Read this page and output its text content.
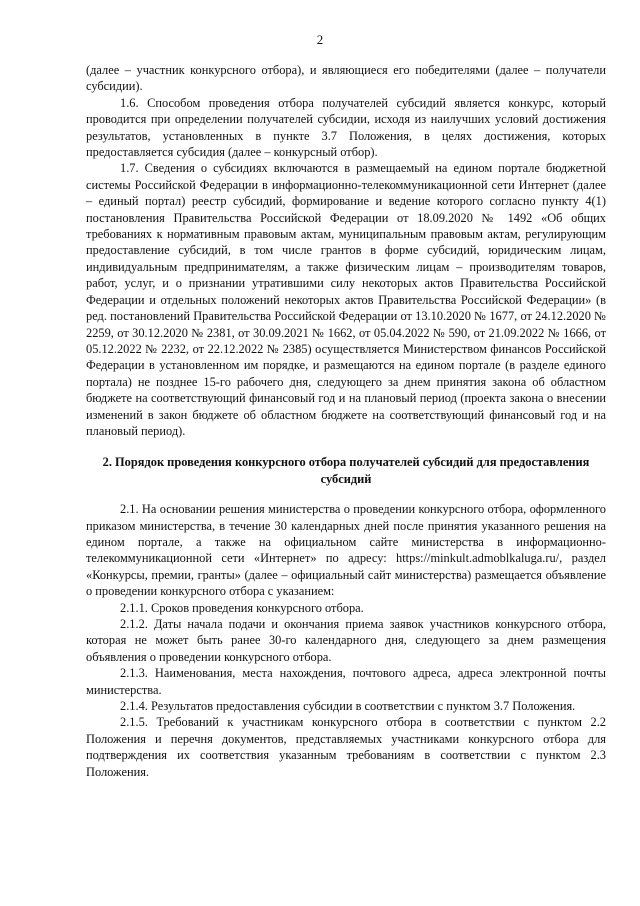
2

(далее – участник конкурсного отбора), и являющиеся его победителями (далее – получатели субсидии).

1.6. Способом проведения отбора получателей субсидий является конкурс, который проводится при определении получателей субсидии, исходя из наилучших условий достижения результатов, установленных в пункте 3.7 Положения, в целях достижения, которых предоставляется субсидия (далее – конкурсный отбор).

1.7. Сведения о субсидиях включаются в размещаемый на едином портале бюджетной системы Российской Федерации в информационно-телекоммуникационной сети Интернет (далее – единый портал) реестр субсидий, формирование и ведение которого согласно пункту 4(1) постановления Правительства Российской Федерации от 18.09.2020 № 1492 «Об общих требованиях к нормативным правовым актам, муниципальным правовым актам, регулирующим предоставление субсидий, в том числе грантов в форме субсидий, юридическим лицам, индивидуальным предпринимателям, а также физическим лицам – производителям товаров, работ, услуг, и о признании утратившими силу некоторых актов Правительства Российской Федерации и отдельных положений некоторых актов Правительства Российской Федерации» (в ред. постановлений Правительства Российской Федерации от 13.10.2020 № 1677, от 24.12.2020 № 2259, от 30.12.2020 № 2381, от 30.09.2021 № 1662, от 05.04.2022 № 590, от 21.09.2022 № 1666, от 05.12.2022 № 2232, от 22.12.2022 № 2385) осуществляется Министерством финансов Российской Федерации в установленном им порядке, и размещаются на едином портале (в разделе единого портала) не позднее 15-го рабочего дня, следующего за днем принятия закона об областном бюджете на соответствующий финансовый год и на плановый период (проекта закона о внесении изменений в закон бюджете об областном бюджете на соответствующий финансовый год и на плановый период).

2. Порядок проведения конкурсного отбора получателей субсидий для предоставления субсидий

2.1. На основании решения министерства о проведении конкурсного отбора, оформленного приказом министерства, в течение 30 календарных дней после принятия указанного решения на едином портале, а также на официальном сайте министерства в информационно-телекоммуникационной сети «Интернет» по адресу: https://minkult.admoblkaluga.ru/, раздел «Конкурсы, премии, гранты» (далее – официальный сайт министерства) размещается объявление о проведении конкурсного отбора с указанием:

2.1.1. Сроков проведения конкурсного отбора.

2.1.2. Даты начала подачи и окончания приема заявок участников конкурсного отбора, которая не может быть ранее 30-го календарного дня, следующего за днем размещения объявления о проведении конкурсного отбора.

2.1.3. Наименования, места нахождения, почтового адреса, адреса электронной почты министерства.

2.1.4. Результатов предоставления субсидии в соответствии с пунктом 3.7 Положения.

2.1.5. Требований к участникам конкурсного отбора в соответствии с пунктом 2.2 Положения и перечня документов, представляемых участниками конкурсного отбора для подтверждения их соответствия указанным требованиям в соответствии с пунктом 2.3 Положения.
